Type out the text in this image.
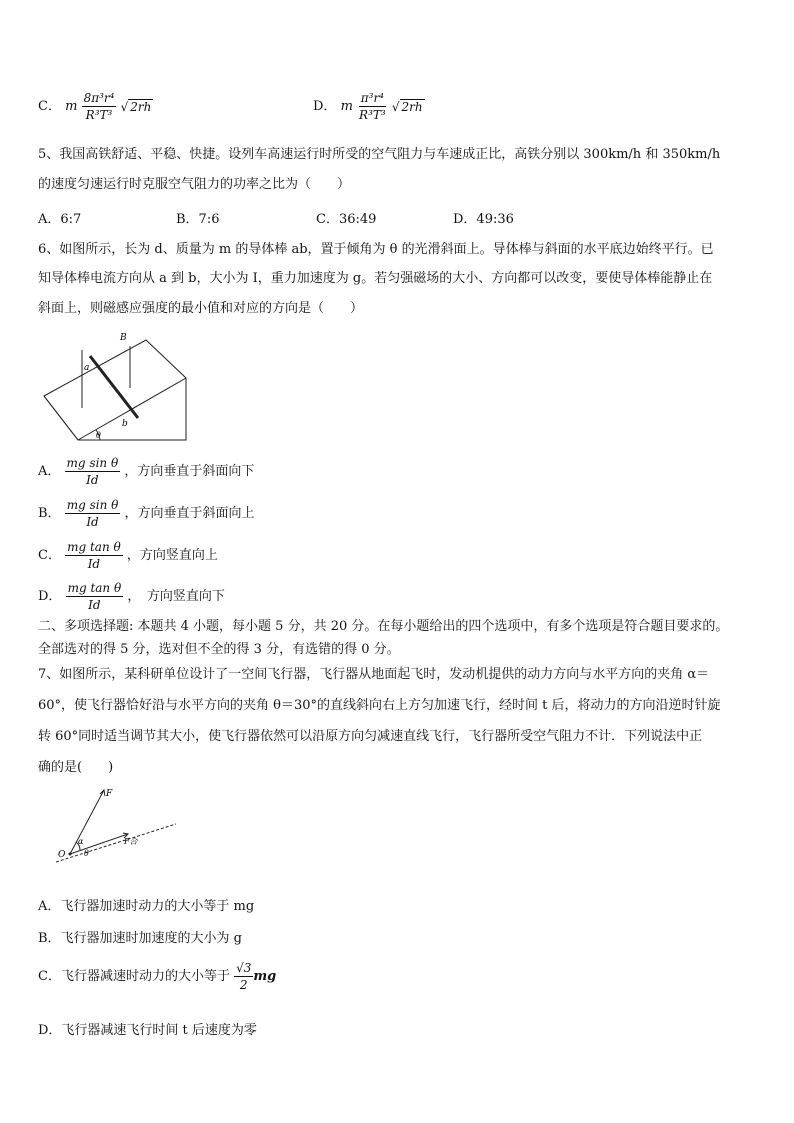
C． m $\frac{\text{8π³r⁴}}{\text{R³T³}}$ √ 2rh	D． m $\frac{\text{π³r⁴}}{\text{R³T³}}$ √ 2rh
5、我国高铁舒适、平稳、快捷。设列车高速运行时所受的空气阻力与车速成正比，高铁分别以 300km/h 和 350km/h
的速度匀速运行时克服空气阻力的功率之比为（　　）
A．6:7	B．7:6	C．36:49	D．49:36
6、如图所示，长为 d、质量为 m 的导体棒 ab，置于倾角为 θ 的光滑斜面上。导体棒与斜面的水平底边始终平行。已
知导体棒电流方向从 a 到 b，大小为 I，重力加速度为 g。若匀强磁场的大小、方向都可以改变，要使导体棒能静止在
斜面上，则磁感应强度的最小值和对应的方向是（　　）
B
a
b
θ
A． $\frac{\text{mg sin θ}}{Id}$ ，方向垂直于斜面向下
B． $\frac{\text{mg sin θ}}{Id}$ ，方向垂直于斜面向上
C． $\frac{\text{mg tan θ}}{Id}$ ，方向竖直向上
D． $\frac{\text{mg tan θ}}{Id}$ ，　方向竖直向下
二、多项选择题: 本题共 4 小题，每小题 5 分，共 20 分。在每小题给出的四个选项中，有多个选项是符合题目要求的。
全部选对的得 5 分，选对但不全的得 3 分，有选错的得 0 分。
7、如图所示，某科研单位设计了一空间飞行器，飞行器从地面起飞时，发动机提供的动力方向与水平方向的夹角 α＝
60°，使飞行器恰好沿与水平方向的夹角 θ＝30°的直线斜向右上方匀加速飞行，经时间 t 后，将动力的方向沿逆时针旋
转 60°同时适当调节其大小，使飞行器依然可以沿原方向匀减速直线飞行，飞行器所受空气阻力不计．下列说法中正
确的是(　　)
F
O
α
θ
F合
A．飞行器加速时动力的大小等于 mg
B．飞行器加速时加速度的大小为 g
C．飞行器减速时动力的大小等于 $\frac{√3}{2}$ mg
D．飞行器减速飞行时间 t 后速度为零
